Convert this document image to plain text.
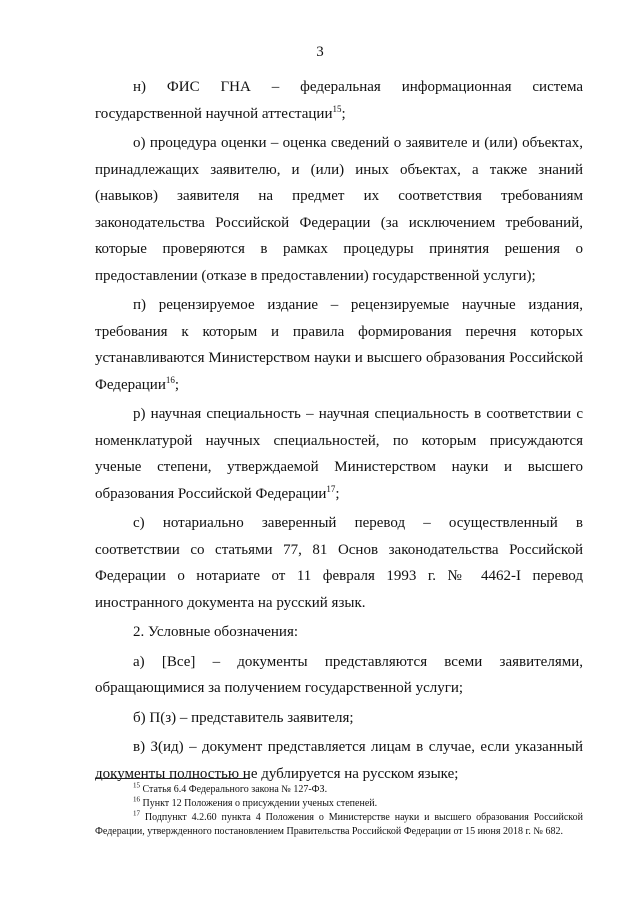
3

н) ФИС ГНА – федеральная информационная система государственной научной аттестации$^{15}$;

о) процедура оценки – оценка сведений о заявителе и (или) объектах, принадлежащих заявителю, и (или) иных объектах, а также знаний (навыков) заявителя на предмет их соответствия требованиям законодательства Российской Федерации (за исключением требований, которые проверяются в рамках процедуры принятия решения о предоставлении (отказе в предоставлении) государственной услуги);

п) рецензируемое издание – рецензируемые научные издания, требования к которым и правила формирования перечня которых устанавливаются Министерством науки и высшего образования Российской Федерации$^{16}$;

р) научная специальность – научная специальность в соответствии с номенклатурой научных специальностей, по которым присуждаются ученые степени, утверждаемой Министерством науки и высшего образования Российской Федерации$^{17}$;

с) нотариально заверенный перевод – осуществленный в соответствии со статьями 77, 81 Основ законодательства Российской Федерации о нотариате от 11 февраля 1993 г. № 4462-I перевод иностранного документа на русский язык.

2. Условные обозначения:

а) [Все] – документы представляются всеми заявителями, обращающимися за получением государственной услуги;

б) П(з) – представитель заявителя;

в) З(ид) – документ представляется лицам в случае, если указанный документы полностью не дублируется на русском языке;

$^{15}$ Статья 6.4 Федерального закона № 127-ФЗ.

$^{16}$ Пункт 12 Положения о присуждении ученых степеней.

$^{17}$ Подпункт 4.2.60 пункта 4 Положения о Министерстве науки и высшего образования Российской Федерации, утвержденного постановлением Правительства Российской Федерации от 15 июня 2018 г. № 682.
